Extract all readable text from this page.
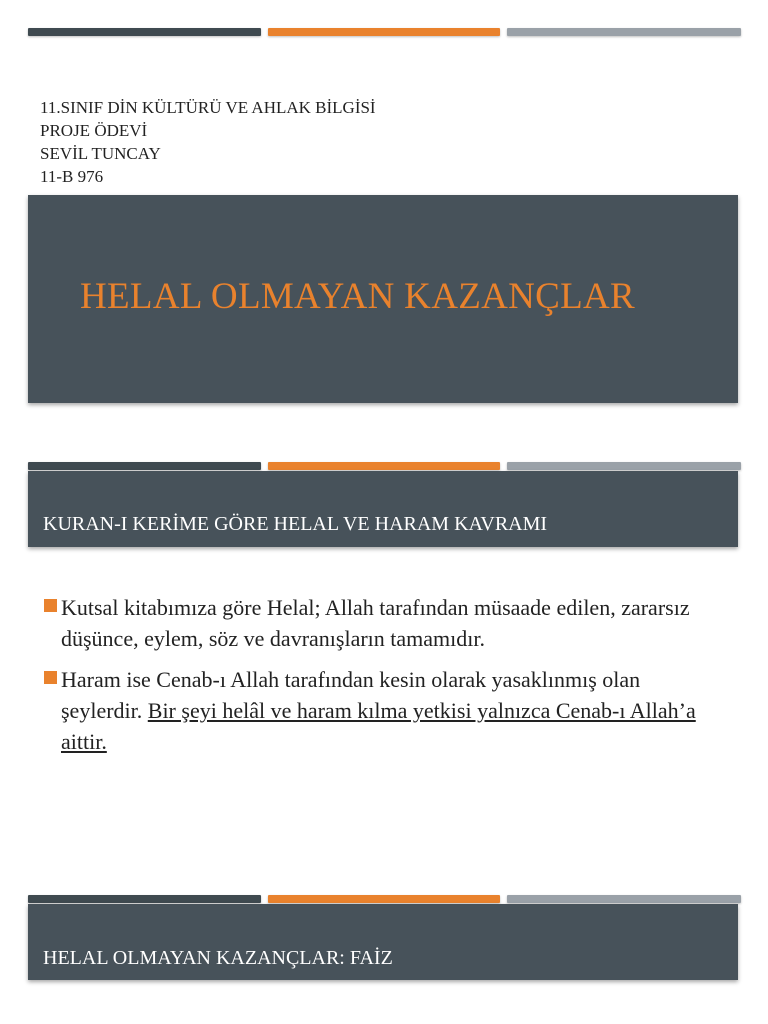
11.SINIF DİN KÜLTÜRÜ VE AHLAK BİLGİSİ
PROJE ÖDEVİ
SEVİL TUNCAY
11-B 976
HELAL OLMAYAN KAZANÇLAR
KURAN-I KERİME GÖRE HELAL VE HARAM KAVRAMI
Kutsal kitabımıza göre Helal; Allah tarafından müsaade edilen, zararsız düşünce, eylem, söz ve davranışların tamamıdır.
Haram ise Cenab-ı Allah tarafından kesin olarak yasaklınmış olan şeylerdir. Bir şeyi helâl ve haram kılma yetkisi yalnızca Cenab-ı Allah’a aittir.
HELAL OLMAYAN KAZANÇLAR: FAİZ
